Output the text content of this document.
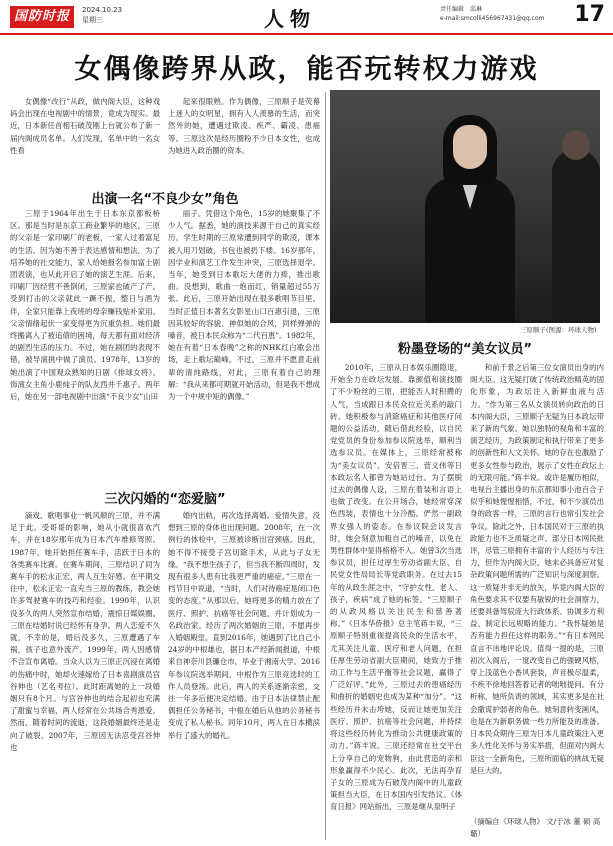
国防时报	2024.10.23
星期三	人物	责任编辑 邱琳
e-mail:smcolli456967431@qq.com	17
女偶像跨界从政，能否玩转权力游戏

女偶像“改行”从政，做内阁大臣，这种戏码会出现在电视剧中的情景，竟成为现实。最近，日本新任首相石破茂刚上台就公布了新一届内阁成员名单。人们发现，名单中的一名女性看

起来很眼熟。作为偶像，三原顺子是荧幕上迷人的女明星，拥有人人羡慕的生活，而突然外的她，遭遇过欺凌、疾严、霸凌、患癌等。三原这次是经历圈粉不少日本女性，也成为她进入政治圈的资本。

出演一名“不良少女”角色

三原于1964年出生于日本东京都板桥区。那是当时是东京工商业繁华的地区，三原的父亲是一家印刷厂的老板，一家人过着富足的生活。因为她不善于表达感情和想法，为了培养她的社交能力，家人给她报名参加富士剧团表演，也从此开启了她的演艺生涯。后来，印刷厂因经营不善倒闭，三原家也破产了产。受到打击的父亲就此一蹶不振，整日与酒为伴，全家只能靠上夜班的母亲赚钱贴补家用。父亲情绪起伏一家变得更为沉重负担。她们最终搬离入了被追债的困境，每天都有面对经济的剧烈生活的压力。不过，她在剧团的表现不错，被导演挑中做了演员。1978年，13岁的她出演了中国观众熟知的日剧《排球女将》。饰演女主角小鹿纯子的队友西井千惠子。两年后，她在另一部电视剧中出演“不良少女”山田

丽子。凭借这个角色，15岁的她聚集了不少人气。据悉，她的演技来源于自己的真实经历。学生时期的三原常遭到同学的欺凌，课本被人用刀划破，书包也被扔下楼。16岁那年，因学业和演艺工作发生冲突，三原选择退学。当年，她受到日本歌坛大佬的力捧，推出歌曲。没想到，歌曲一炮而红，销量超过55万张。此后，三原开始出现在很多歌唱节目里。当时正值日本著名女影星山口百惠引退，三原因其较好的容貌、神似她的合风，同样弹弹的嗓音，被日本民众称为“二代百恵”。1982年，她在有着“日本春晚”之称的NHK红白歌会出场，走上歌坛巅峰。不过，三原并不愿意走前辈的清纯路线，对此，三原有着自己的理解：“我从来都可期就开始活动，但是我不想成为一个中规中矩的偶像。”

三次闪婚的“恋爱脑”

滴戏、歌唱事业一帆风顺的三原，并不满足于此。受哥哥的影响，她从小就很喜欢汽车，并在18岁那年成为日本汽车维修驾照。1987年，她开始担任赛车手，活跃于日本的各类赛车比赛。在赛车期间，三原结识了同为赛车手的松永正宏，两人互生好感。在平期交往中，松永正宏一直充当三原的教练，教会她许多驾驶赛车的技巧和经验。1990年，认识没多久的两人突然宣布结婚，震惊日媒娱圈。三原在结婚时说已经怀有身孕。两人恋爱不久就，不幸的是，婚后没多久，三原遭遇了车祸，孩子也意外流产。1999年，两人因感情不合宣布离婚。当众人以为三原正沉浸在离婚的伤痛中时，她却火速嫁给了日本喜剧演员宫谷伸也（艺名考拉）。此时距离她的上一段婚姻只有8个月。与宫谷伸也的结合起初也充满了甜蜜与幸福，两人经常在公共场合秀恩爱。然而，随着时间的流逝，这段婚姻最终还是走向了破裂。2007年，三原因无法忍受宫谷伸也

婚内出轨，再次选择离婚。爱情失意，没想到三原的身体也出现问题。2008年，在一次例行的体检中，三原被诊断出宫颈癌。因此，她不得不接受子宫切除手术，从此与子女无缘。“我不想生孩子了，但当我不断四周时，发现有很多人患有比我更严重的癌症。”三原在一档节目中说道，“当时，人们对待癌症是闭口色变的态度。”从那以后，她将更多的精力放在了医疗、照护、抗癌等社会问题，并计划成为一名政治家。经历了两次婚姻的三原，不愿再步入婚姻殿堂。直到2016年，她遇到了比自己小24岁的中根雄也，据日本产经新闻报道，中根来自神奈川县镰仓市，毕业于湘南大学。2016年参议院选举期间，中根作为三原竞选时的工作人员登场。此后，两人的关系逐渐亲密，交往一年多后便决定结婚。由于日本法律禁止配偶担任公务秘书，中根在婚后从他的公务秘书变成了私人秘书。同年10月，两人在日本横滨举行了盛大的婚礼。

三原顺子(图源：环球人物)
粉墨登场的“美女议员”

2010年，三原从日本娱乐圈隐退，开始全力在政坛发展。靠颜值和演技圈了不少粉丝的三原，把能否人时积攒的人气，当成跟日本民众拉近关系的敲门砖。她积极参与消除癌症和其他医疗问题的公益活动，随后借此经验，以自民党党员的身份参加参议院选举，顺利当选参议员。在媒体上，三原经常被称为“美女议员”。安倍晋三、菅义伟等日本政坛名人都曾为她站过台。为了摆脱过去的偶像人设，三原在着装和言语上也做了改变。在公开场合，她经常穿深色西装，表情也十分冷酷。俨然一副政界女强人的姿态。在参议院会议发言时，她会刻意加粗自己的嗓音，以免在男性群体中显得格格不入。她曾3次当选参议员，担任过厚生劳动省副大臣、自民党女性局局长等党政职务。在过去15年的从政生涯之中，“守护女性、老人、孩子，疾病”成了她的标签。“三原顺子的从政风格以关注民生和慈善著称。”《日本华侨报》总主笔蒋丰说，“三原顺子特别重视提高民众的生活水平，尤其关注儿童、医疗和老人问题，在担任厚生劳动省副大臣期间，她致力于推动工作与生活平衡等社会议题，赢得了广泛好评。”此外，三原过去的患癌经历和曲折的婚姻史也成为某种“加分”。“这些经历并未击垮她，反而让她更加关注医疗、照护、抗癌等社会问题，并持续将这些经历转化为推动公共健康政策的动力。”蒋丰说。三原还经常在社交平台上分享自己的宠物狗，由此营造的亲和形象赢得不少民心。此次，无法再孕育子女的三原成为石破茂内阁中的儿童政策担当大臣，在日本国内引发热议。《体育日报》网站指出，三原是继从泉明子

和前千景之后第三位女演员出身的内阁大臣。这无疑打破了传统政治精英的固化形象，为政坛注入新鲜血液与活力。“作为第三名从女演员转向政治的日本内阁大臣，三原顺子无疑为日本政坛带来了新的气象。她以独特的视角和丰富的演艺经历，为政策制定和执行带来了更多的创新性和人文关怀。她的存在也激励了更多女性参与政治，展示了女性在政坛上的无限可能。”蒋丰说。或许是履历相似，电视台主播出身的东京都知事小池百合子似乎和她惺惺相惜，不过，和不少演员出身的政客一样，三原的言行也常引发社会争议。除此之外，日本国民对于三原的执政能力也不乏质疑之声。部分日本网民批评，尽管三原拥有丰富的个人经历与专注力，但作为内阁大臣，她未必具备应对复杂政策问题所需的广泛知识与深度洞察。这一质疑并非无的放矢，毕竟内阁大臣的角色要求其不仅要有敏锐的社会洞察力，还要具备驾驭庞大行政体系、协调多方利益、制定长远规略的能力。“我怀疑她是否有能力担任这样的职务。”“有日本网民直言不讳地评论说。值得一提的是，三原初次入阁后，一度改变自己的强硬风格，穿上浅蓝色小香风套装，声音极尽温柔，不疾不徐地回答着记者的咄咄提问。有分析称，她所负责的领域，其实更多是在社会撒谎护弱者的角色。她刻意转变画风，也是在为新职务做一些力所能及的准备。日本民众期待三原为日本儿童政策注入更多人性化关怀与务实举措，但面对内阁大臣这一全新角色，三原所面临的挑战无疑是巨大的。

（摘编自《环球人物》 文/于冰 董 硕 高璐）
